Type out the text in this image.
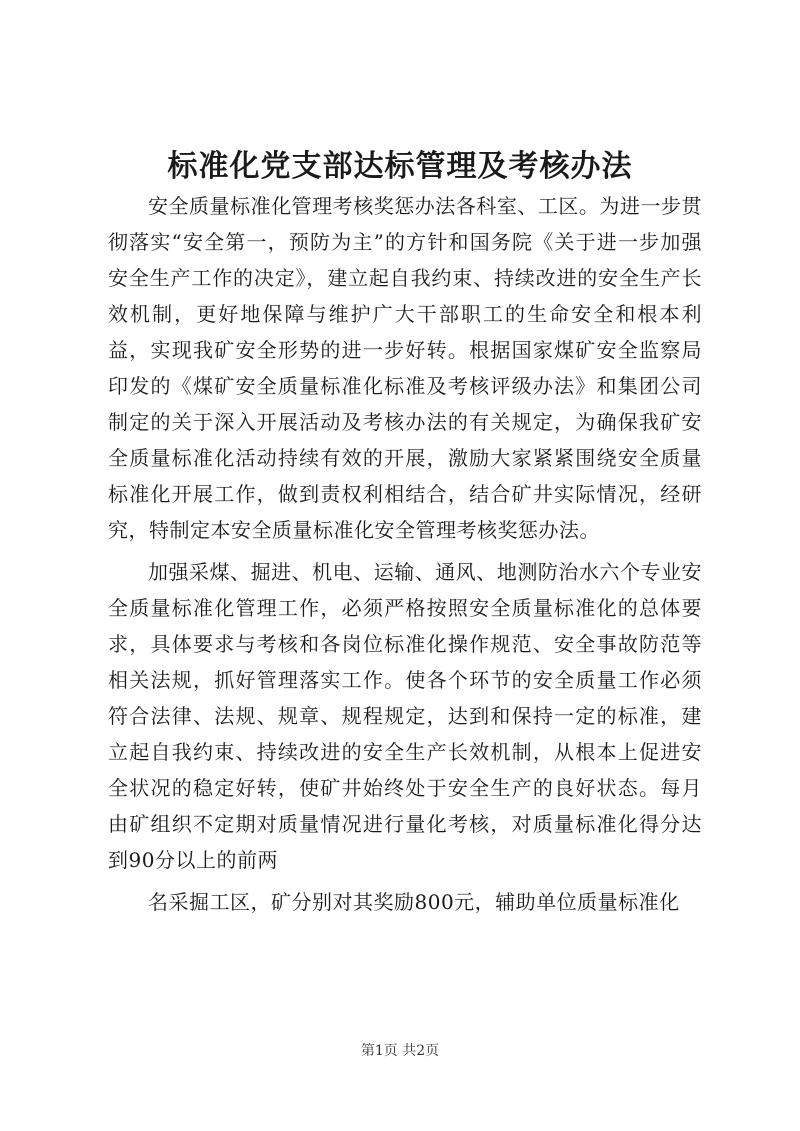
标准化党支部达标管理及考核办法

安全质量标准化管理考核奖惩办法各科室、工区。为进一步贯彻落实“安全第一，预防为主”的方针和国务院《关于进一步加强安全生产工作的决定》，建立起自我约束、持续改进的安全生产长效机制，更好地保障与维护广大干部职工的生命安全和根本利益，实现我矿安全形势的进一步好转。根据国家煤矿安全监察局印发的《煤矿安全质量标准化标准及考核评级办法》和集团公司制定的关于深入开展活动及考核办法的有关规定，为确保我矿安全质量标准化活动持续有效的开展，激励大家紧紧围绕安全质量标准化开展工作，做到责权利相结合，结合矿井实际情况，经研究，特制定本安全质量标准化安全管理考核奖惩办法。

加强采煤、掘进、机电、运输、通风、地测防治水六个专业安全质量标准化管理工作，必须严格按照安全质量标准化的总体要求，具体要求与考核和各岗位标准化操作规范、安全事故防范等相关法规，抓好管理落实工作。使各个环节的安全质量工作必须符合法律、法规、规章、规程规定，达到和保持一定的标准，建立起自我约束、持续改进的安全生产长效机制，从根本上促进安全状况的稳定好转，使矿井始终处于安全生产的良好状态。每月由矿组织不定期对质量情况进行量化考核，对质量标准化得分达到90分以上的前两

名采掘工区，矿分别对其奖励800元，辅助单位质量标准化

第1页 共2页
